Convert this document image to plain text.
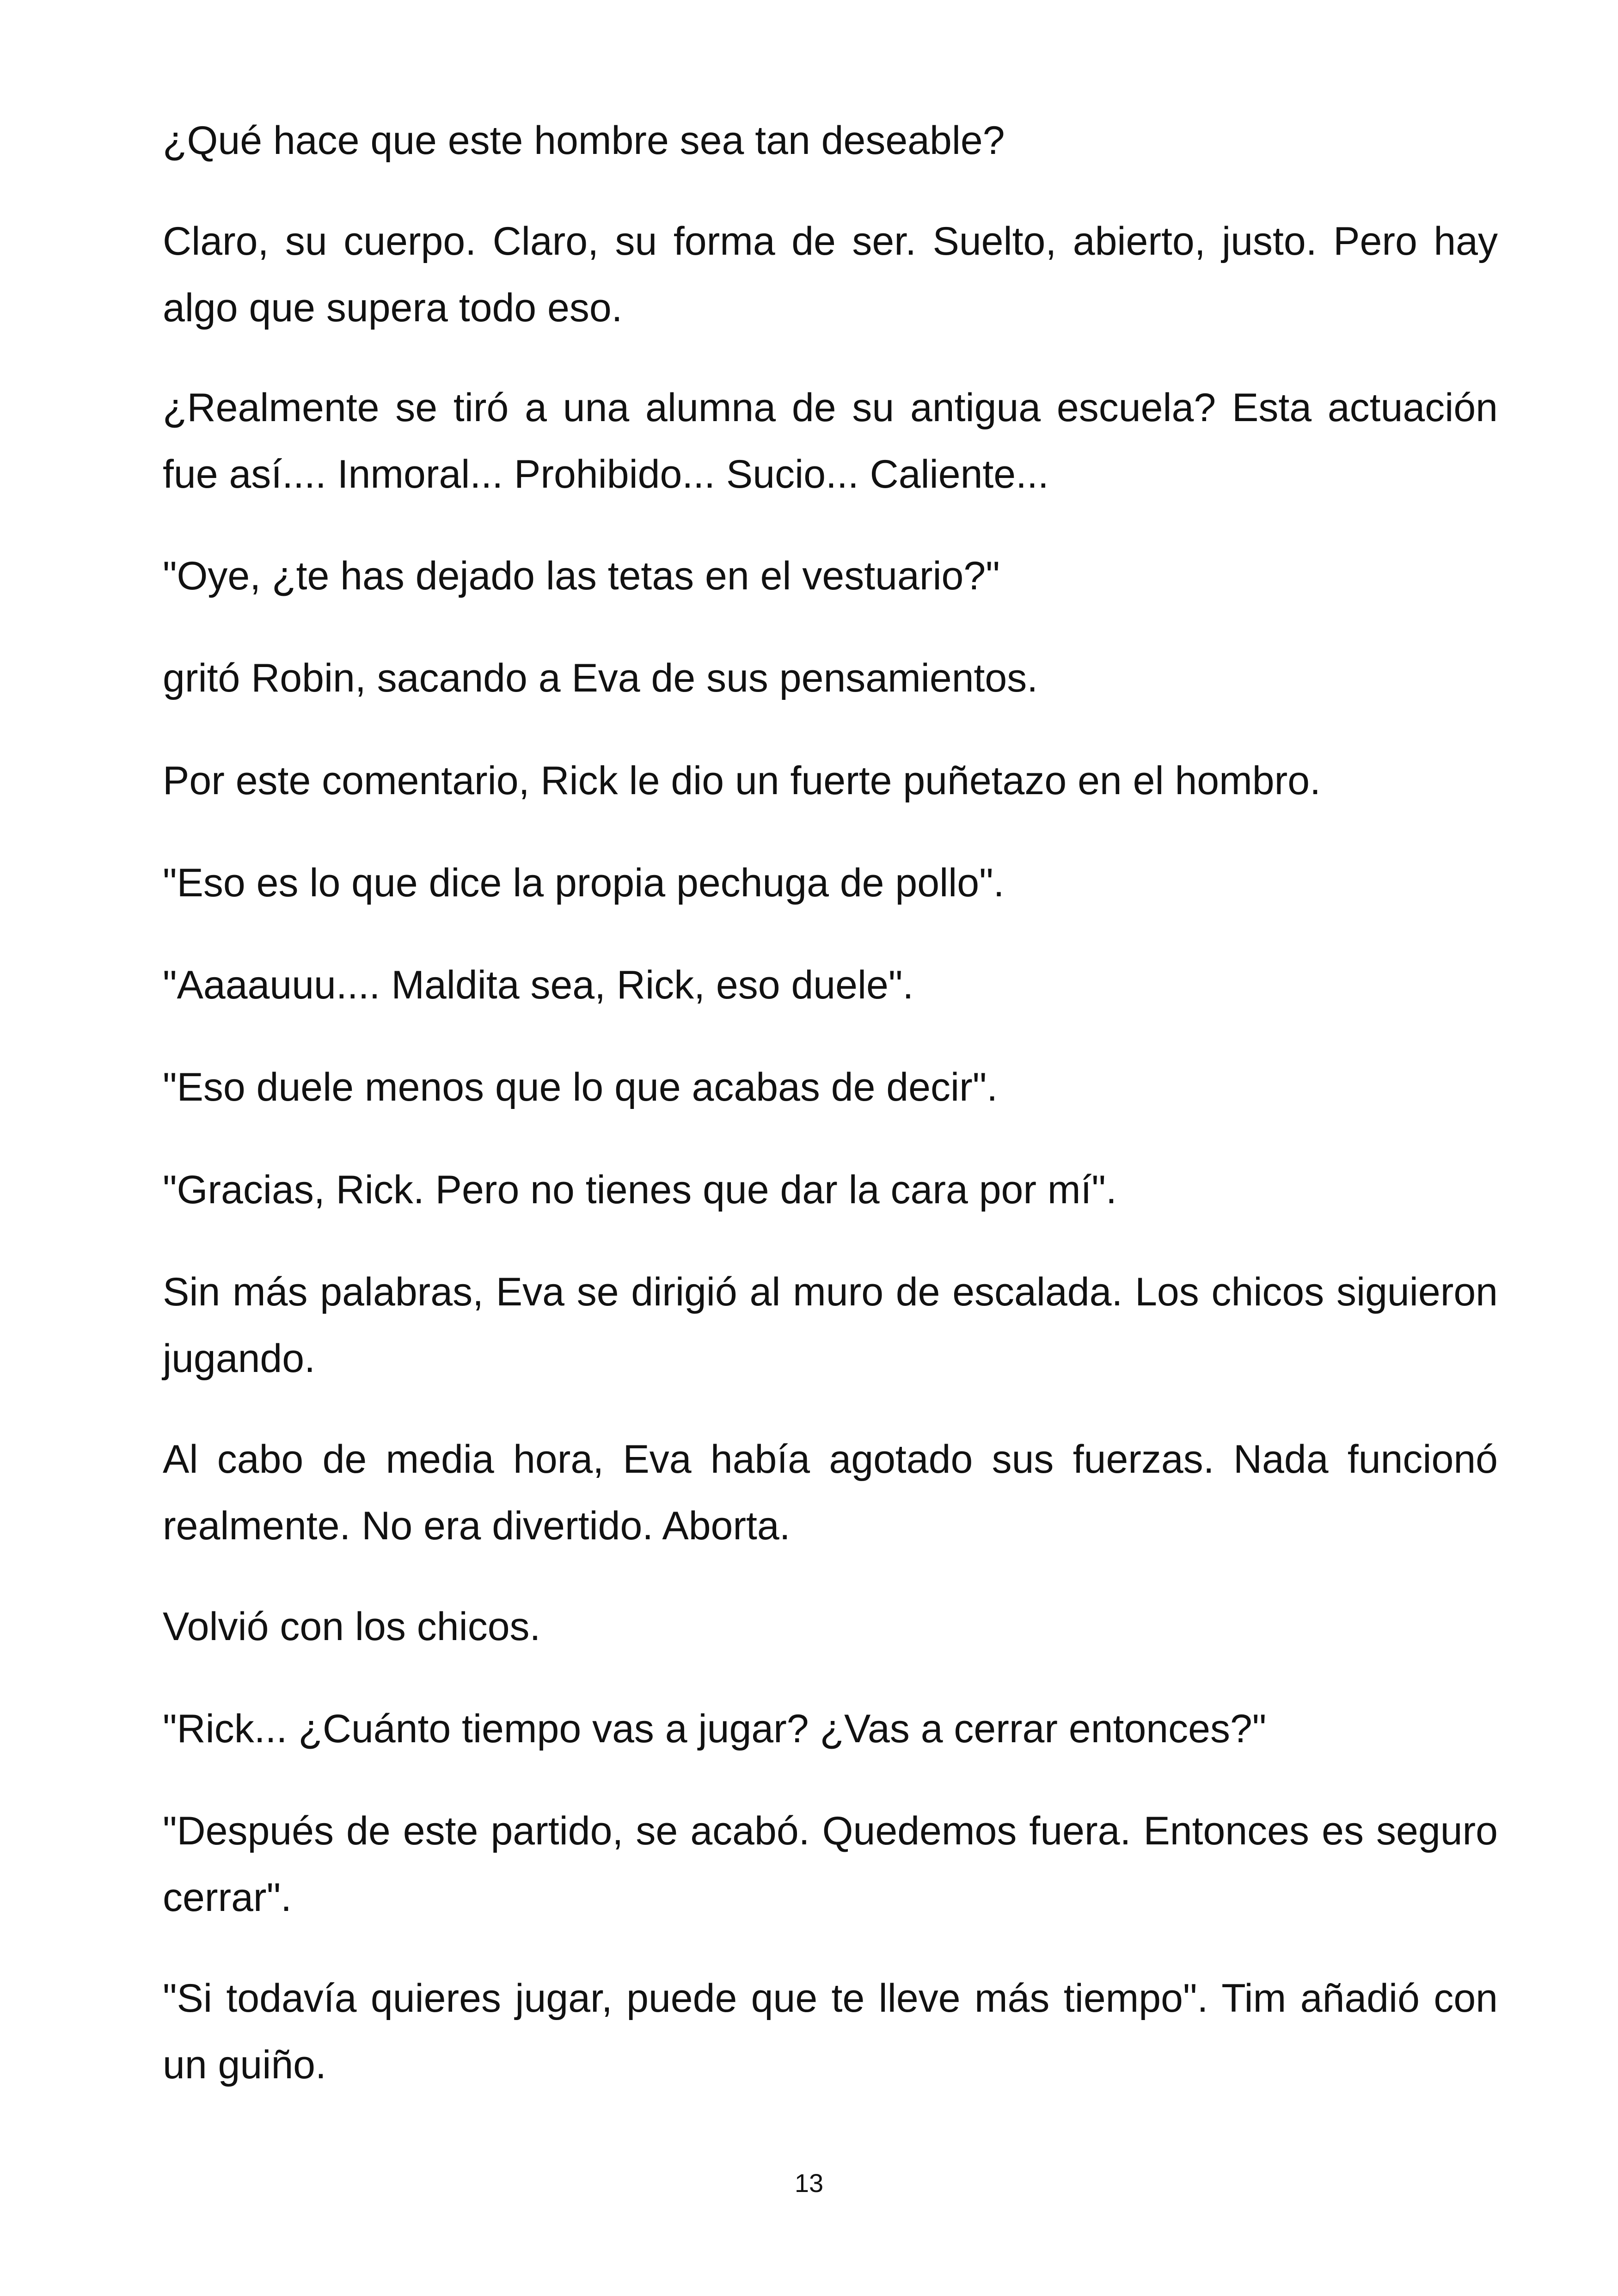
¿Qué hace que este hombre sea tan deseable?

Claro, su cuerpo. Claro, su forma de ser. Suelto, abierto, justo. Pero hay algo que supera todo eso.

¿Realmente se tiró a una alumna de su antigua escuela? Esta actuación fue así.... Inmoral... Prohibido... Sucio... Caliente...

"Oye, ¿te has dejado las tetas en el vestuario?"

gritó Robin, sacando a Eva de sus pensamientos.

Por este comentario, Rick le dio un fuerte puñetazo en el hombro.

"Eso es lo que dice la propia pechuga de pollo".

"Aaaauuu.... Maldita sea, Rick, eso duele".

"Eso duele menos que lo que acabas de decir".

"Gracias, Rick. Pero no tienes que dar la cara por mí".

Sin más palabras, Eva se dirigió al muro de escalada. Los chicos siguieron jugando.

Al cabo de media hora, Eva había agotado sus fuerzas. Nada funcionó realmente. No era divertido. Aborta.

Volvió con los chicos.

"Rick... ¿Cuánto tiempo vas a jugar? ¿Vas a cerrar entonces?"

"Después de este partido, se acabó. Quedemos fuera. Entonces es seguro cerrar".

"Si todavía quieres jugar, puede que te lleve más tiempo". Tim añadió con un guiño.

13
